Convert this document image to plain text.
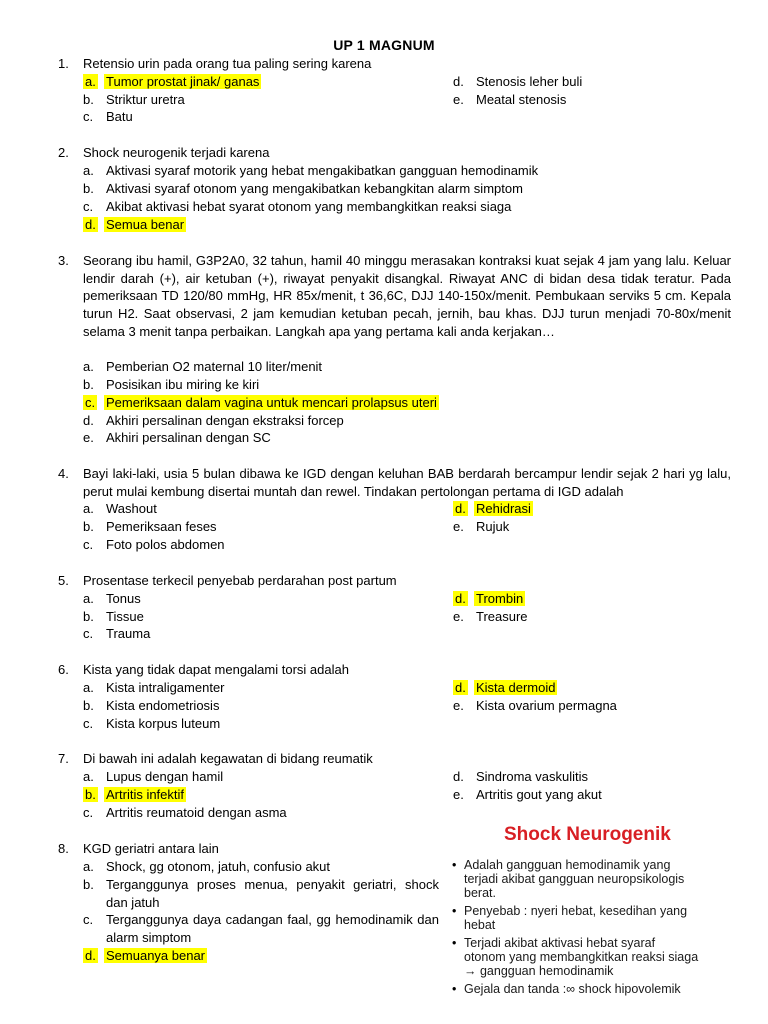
UP 1 MAGNUM
1. Retensio urin pada orang tua paling sering karena
a. Tumor prostat jinak/ ganas
b. Striktur uretra
c. Batu
d. Stenosis leher buli
e. Meatal stenosis
2. Shock neurogenik terjadi karena
a. Aktivasi syaraf motorik yang hebat mengakibatkan gangguan hemodinamik
b. Aktivasi syaraf otonom yang mengakibatkan kebangkitan alarm simptom
c. Akibat aktivasi hebat syarat otonom yang membangkitkan reaksi siaga
d. Semua benar
3. Seorang ibu hamil, G3P2A0, 32 tahun, hamil 40 minggu merasakan kontraksi kuat sejak 4 jam yang lalu. Keluar lendir darah (+), air ketuban (+), riwayat penyakit disangkal. Riwayat ANC di bidan desa tidak teratur. Pada pemeriksaan TD 120/80 mmHg, HR 85x/menit, t 36,6C, DJJ 140-150x/menit. Pembukaan serviks 5 cm. Kepala turun H2. Saat observasi, 2 jam kemudian ketuban pecah, jernih, bau khas. DJJ turun menjadi 70-80x/menit selama 3 menit tanpa perbaikan. Langkah apa yang pertama kali anda kerjakan…
a. Pemberian O2 maternal 10 liter/menit
b. Posisikan ibu miring ke kiri
c. Pemeriksaan dalam vagina untuk mencari prolapsus uteri
d. Akhiri persalinan dengan ekstraksi forcep
e. Akhiri persalinan dengan SC
4. Bayi laki-laki, usia 5 bulan dibawa ke IGD dengan keluhan BAB berdarah bercampur lendir sejak 2 hari yg lalu, perut mulai kembung disertai muntah dan rewel. Tindakan pertolongan pertama di IGD adalah
a. Washout
b. Pemeriksaan feses
c. Foto polos abdomen
d. Rehidrasi
e. Rujuk
5. Prosentase terkecil penyebab perdarahan post partum
a. Tonus
b. Tissue
c. Trauma
d. Trombin
e. Treasure
6. Kista yang tidak dapat mengalami torsi adalah
a. Kista intraligamenter
b. Kista endometriosis
c. Kista korpus luteum
d. Kista dermoid
e. Kista ovarium permagna
7. Di bawah ini adalah kegawatan di bidang reumatik
a. Lupus dengan hamil
b. Artritis infektif
c. Artritis reumatoid dengan asma
d. Sindroma vaskulitis
e. Artritis gout yang akut
8. KGD geriatri antara lain
a. Shock, gg otonom, jatuh, confusio akut
b. Terganggunya proses menua, penyakit geriatri, shock dan jatuh
c. Terganggunya daya cadangan faal, gg hemodinamik dan alarm simptom
d. Semuanya benar
Shock Neurogenik
• Adalah gangguan hemodinamik yang
terjadi akibat gangguan neuropsikologis
berat.
• Penyebab : nyeri hebat, kesedihan yang
hebat
• Terjadi akibat aktivasi hebat syaraf
otonom yang membangkitkan reaksi siaga
→ gangguan hemodinamik
• Gejala dan tanda :∞ shock hipovolemik
